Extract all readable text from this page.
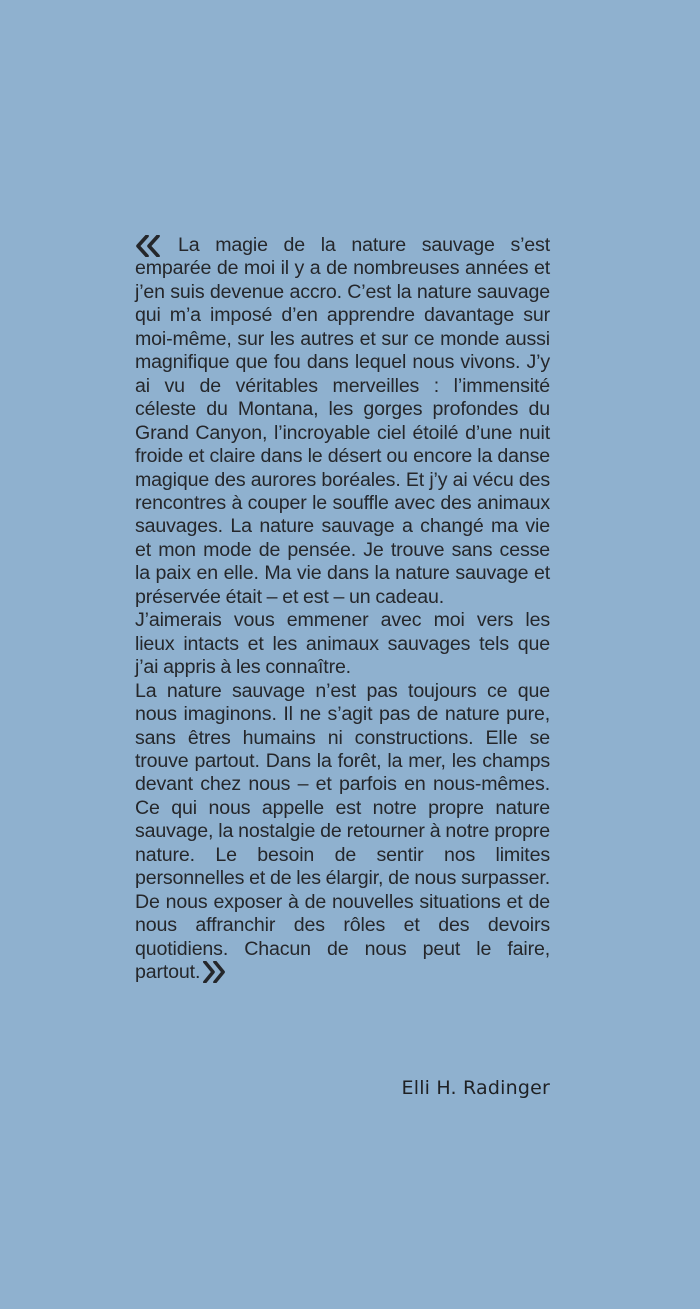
La magie de la nature sauvage s’est emparée de moi il y a de nombreuses années et j’en suis devenue accro. C’est la nature sauvage qui m’a imposé d’en apprendre davantage sur moi-même, sur les autres et sur ce monde aussi magnifique que fou dans lequel nous vivons. J’y ai vu de véritables merveilles : l’immensité céleste du Montana, les gorges profondes du Grand Canyon, l’incroyable ciel étoilé d’une nuit froide et claire dans le désert ou encore la danse magique des aurores boréales. Et j’y ai vécu des rencontres à couper le souffle avec des animaux sauvages. La nature sauvage a changé ma vie et mon mode de pensée. Je trouve sans cesse la paix en elle. Ma vie dans la nature sauvage et préservée était – et est – un cadeau.

J’aimerais vous emmener avec moi vers les lieux intacts et les animaux sauvages tels que j’ai appris à les connaître.

La nature sauvage n’est pas toujours ce que nous imaginons. Il ne s’agit pas de nature pure, sans êtres humains ni constructions. Elle se trouve partout. Dans la forêt, la mer, les champs devant chez nous – et parfois en nous-mêmes. Ce qui nous appelle est notre propre nature sauvage, la nostalgie de retourner à notre propre nature. Le besoin de sentir nos limites personnelles et de les élargir, de nous surpasser. De nous exposer à de nouvelles situations et de nous affranchir des rôles et des devoirs quotidiens. Chacun de nous peut le faire, partout.

Elli H. Radinger
